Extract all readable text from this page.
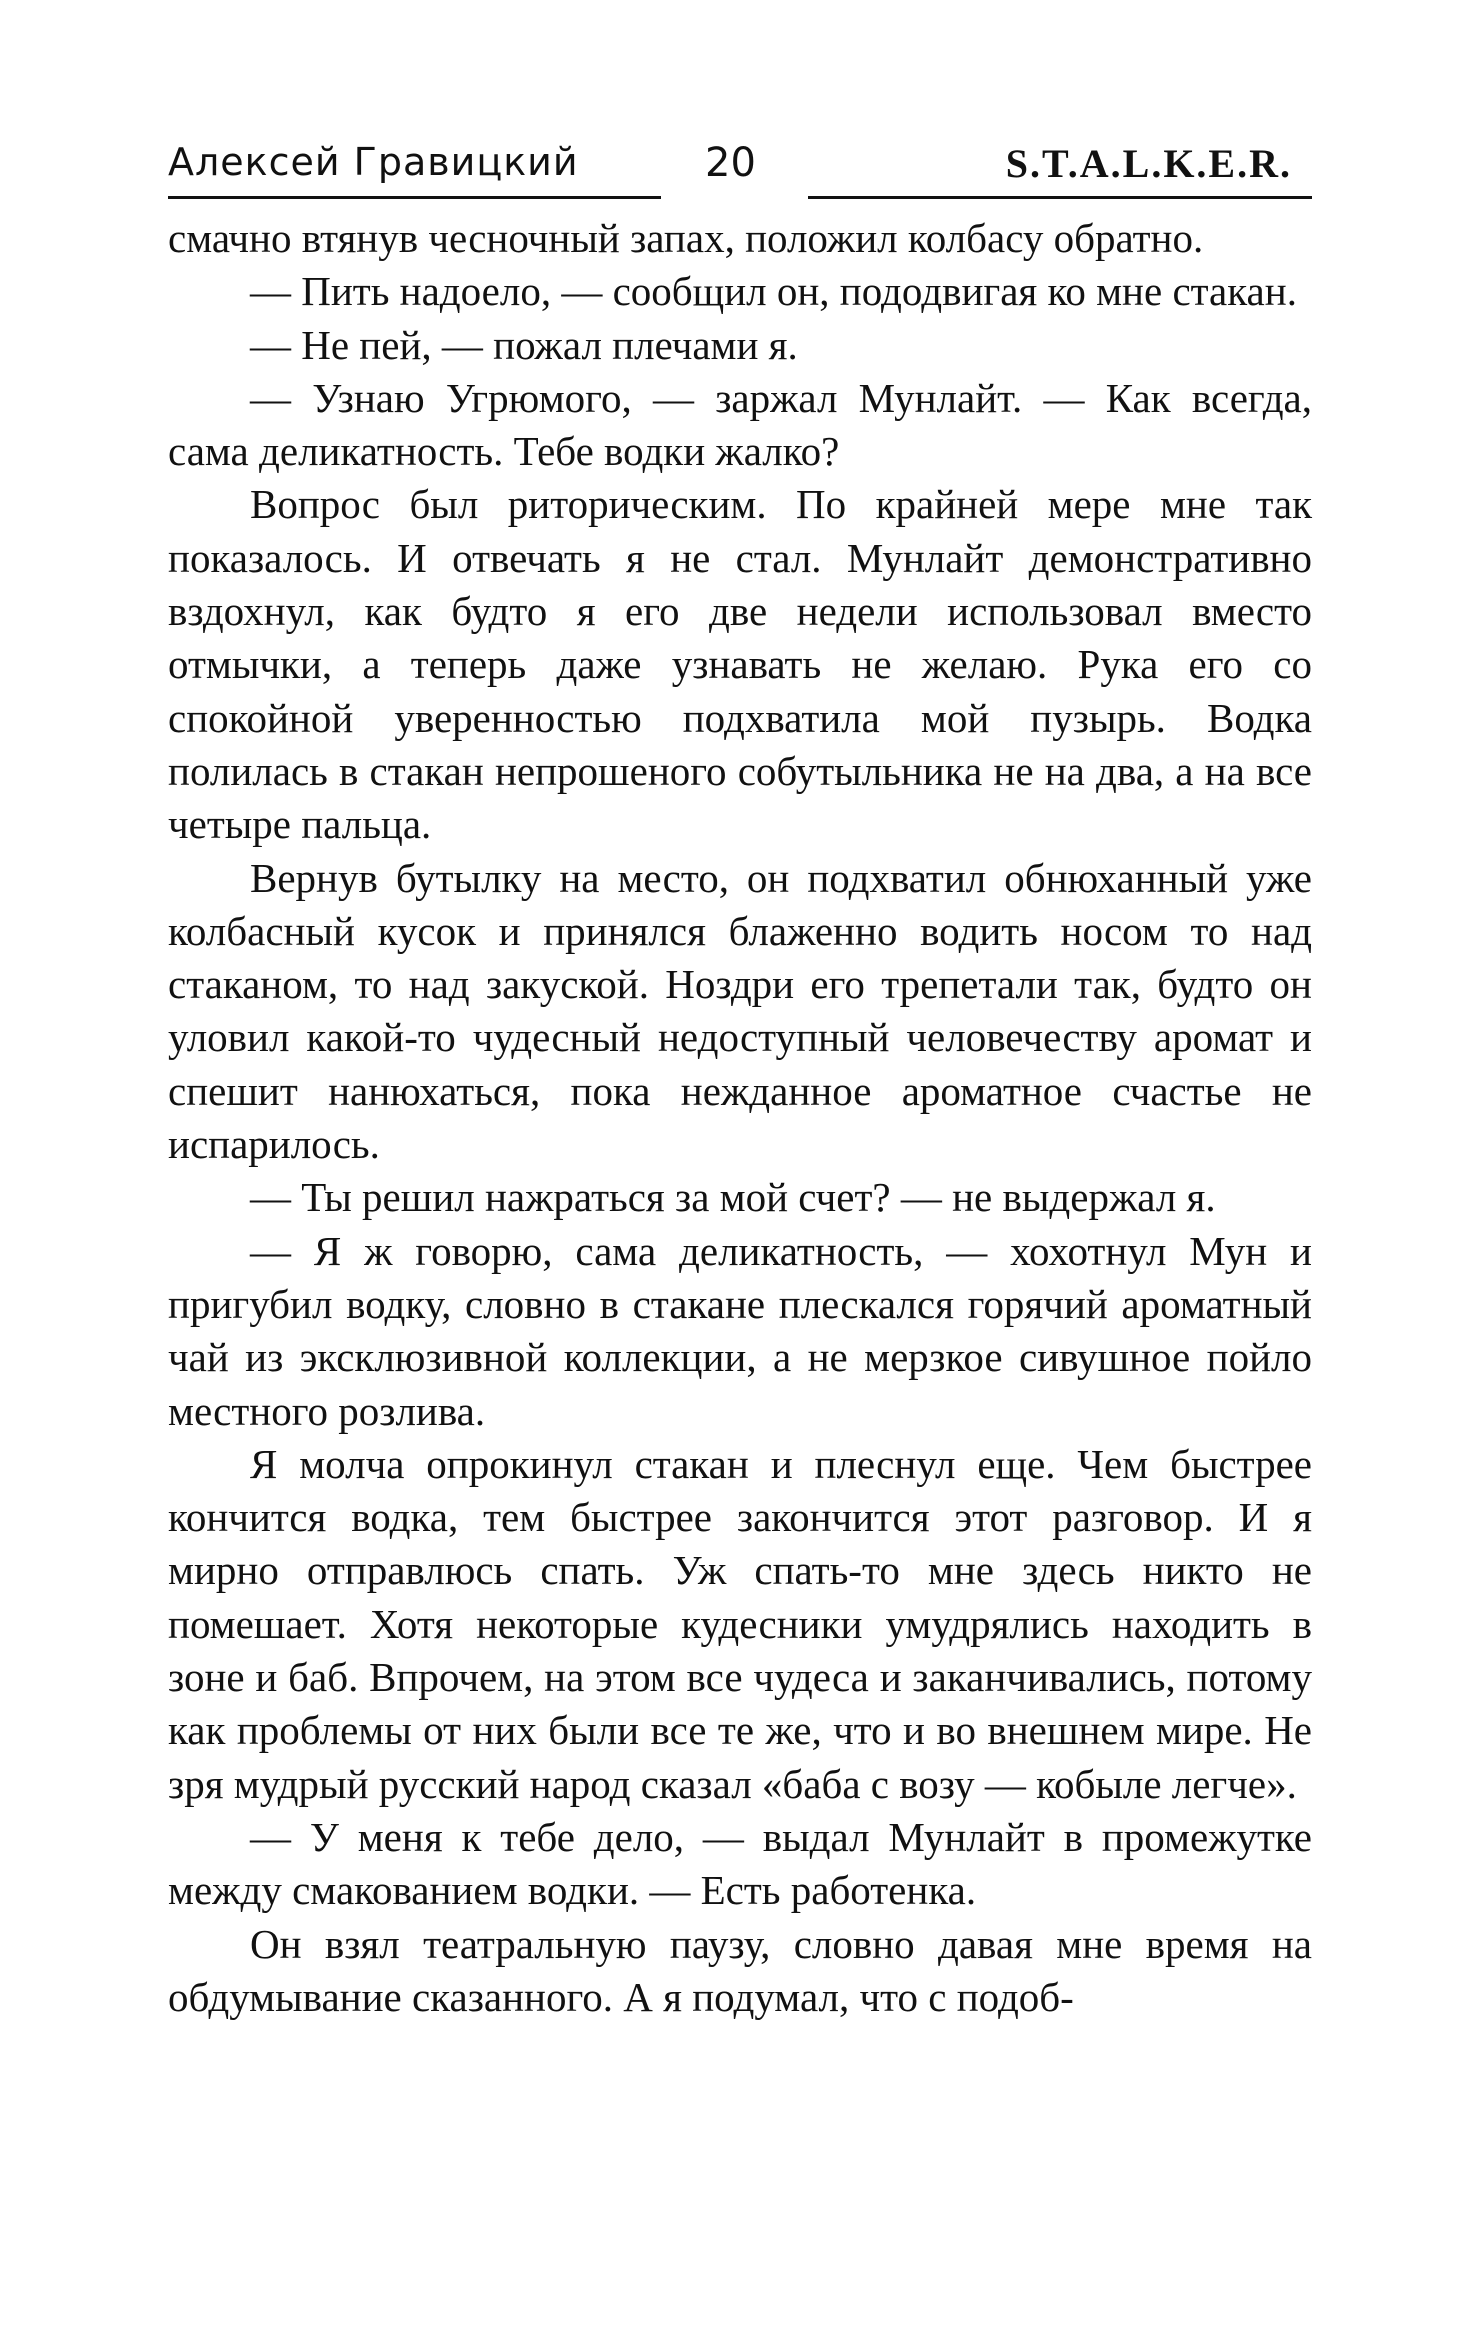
Алексей Гравицкий	20	S.T.A.L.K.E.R.

смачно втянув чесночный запах, положил колбасу обратно.

— Пить надоело, — сообщил он, пододвигая ко мне стакан.

— Не пей, — пожал плечами я.

— Узнаю Угрюмого, — заржал Мунлайт. — Как всегда, сама деликатность. Тебе водки жалко?

Вопрос был риторическим. По крайней мере мне так показалось. И отвечать я не стал. Мунлайт демонстративно вздохнул, как будто я его две недели использовал вместо отмычки, а теперь даже узнавать не желаю. Рука его со спокойной уверенностью подхватила мой пузырь. Водка полилась в стакан непрошеного собутыльника не на два, а на все четыре пальца.

Вернув бутылку на место, он подхватил обнюханный уже колбасный кусок и принялся блаженно водить носом то над стаканом, то над закуской. Ноздри его трепетали так, будто он уловил какой-то чудесный недоступный человечеству аромат и спешит нанюхаться, пока нежданное ароматное счастье не испарилось.

— Ты решил нажраться за мой счет? — не выдержал я.

— Я ж говорю, сама деликатность, — хохотнул Мун и пригубил водку, словно в стакане плескался горячий ароматный чай из эксклюзивной коллекции, а не мерзкое сивушное пойло местного розлива.

Я молча опрокинул стакан и плеснул еще. Чем быстрее кончится водка, тем быстрее закончится этот разговор. И я мирно отправлюсь спать. Уж спать-то мне здесь никто не помешает. Хотя некоторые кудесники умудрялись находить в зоне и баб. Впрочем, на этом все чудеса и заканчивались, потому как проблемы от них были все те же, что и во внешнем мире. Не зря мудрый русский народ сказал «баба с возу — кобыле легче».

— У меня к тебе дело, — выдал Мунлайт в промежутке между смакованием водки. — Есть работенка.

Он взял театральную паузу, словно давая мне время на обдумывание сказанного. А я подумал, что с подоб-
